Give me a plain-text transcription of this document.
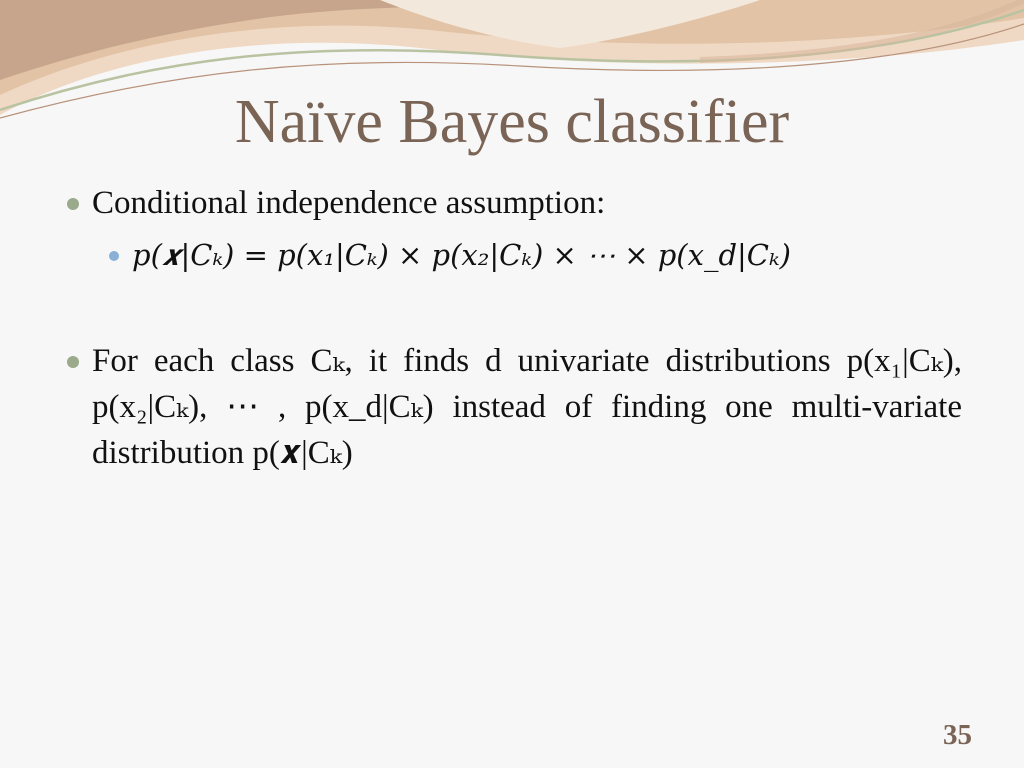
Naïve Bayes classifier
Conditional independence assumption:
p(𝒙|Cₖ) = p(x₁|Cₖ) × p(x₂|Cₖ) × ⋯ × p(x_d|Cₖ)
For each class Cₖ, it finds d univariate distributions p(x₁|Cₖ), p(x₂|Cₖ), ⋯ , p(x_d|Cₖ) instead of finding one multi-variate distribution p(𝒙|Cₖ)
35
